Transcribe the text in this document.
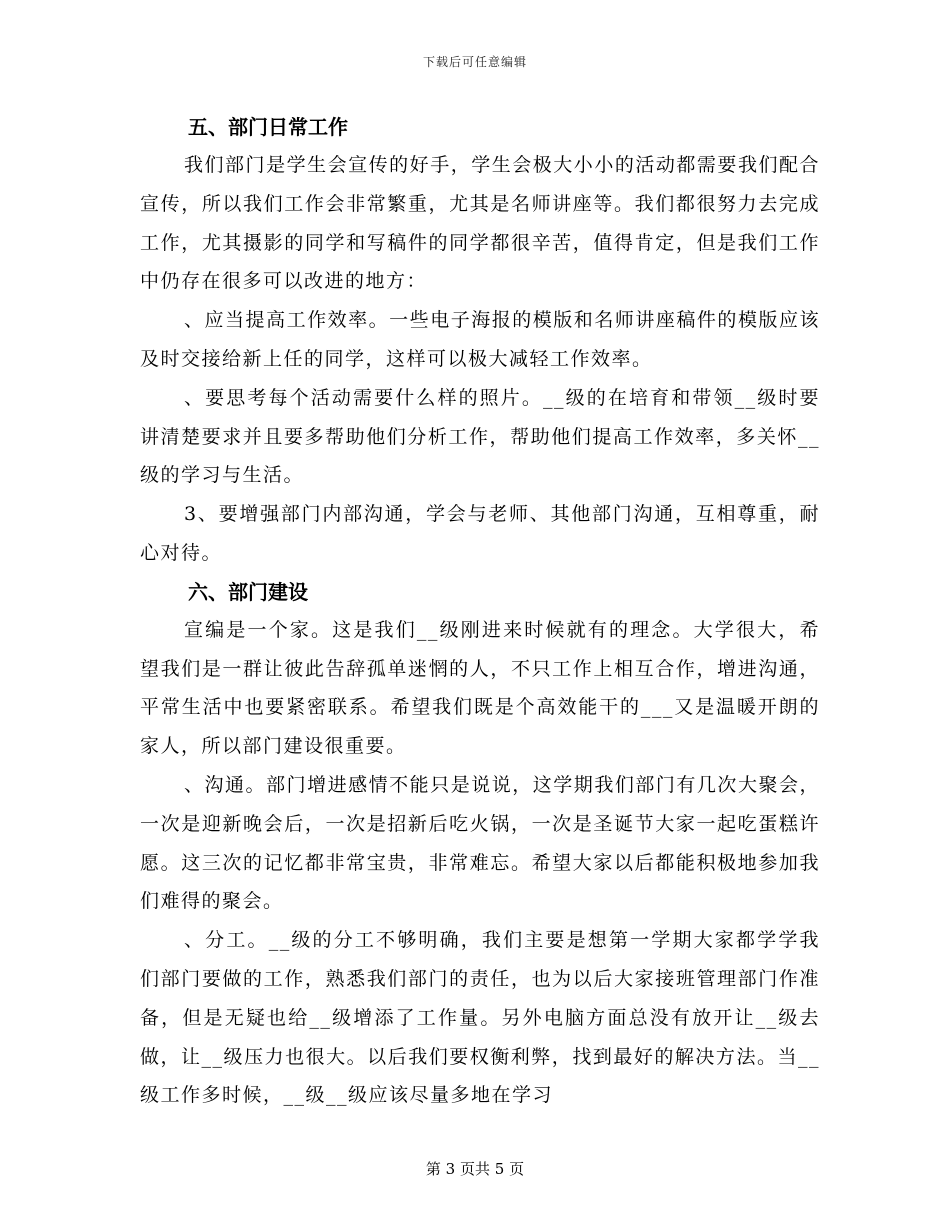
下载后可任意编辑

五、部门日常工作

我们部门是学生会宣传的好手，学生会极大小小的活动都需要我们配合宣传，所以我们工作会非常繁重，尤其是名师讲座等。我们都很努力去完成工作，尤其摄影的同学和写稿件的同学都很辛苦，值得肯定，但是我们工作中仍存在很多可以改进的地方：

、应当提高工作效率。一些电子海报的模版和名师讲座稿件的模版应该及时交接给新上任的同学，这样可以极大减轻工作效率。

、要思考每个活动需要什么样的照片。__级的在培育和带领__级时要讲清楚要求并且要多帮助他们分析工作，帮助他们提高工作效率，多关怀__级的学习与生活。

3、要增强部门内部沟通，学会与老师、其他部门沟通，互相尊重，耐心对待。

六、部门建设

宣编是一个家。这是我们__级刚进来时候就有的理念。大学很大，希望我们是一群让彼此告辞孤单迷惘的人，不只工作上相互合作，增进沟通，平常生活中也要紧密联系。希望我们既是个高效能干的___又是温暖开朗的家人，所以部门建设很重要。

、沟通。部门增进感情不能只是说说，这学期我们部门有几次大聚会，一次是迎新晚会后，一次是招新后吃火锅，一次是圣诞节大家一起吃蛋糕许愿。这三次的记忆都非常宝贵，非常难忘。希望大家以后都能积极地参加我们难得的聚会。

、分工。__级的分工不够明确，我们主要是想第一学期大家都学学我们部门要做的工作，熟悉我们部门的责任，也为以后大家接班管理部门作准备，但是无疑也给__级增添了工作量。另外电脑方面总没有放开让__级去做，让__级压力也很大。以后我们要权衡利弊，找到最好的解决方法。当__级工作多时候，__级__级应该尽量多地在学习

第 3 页共 5 页
